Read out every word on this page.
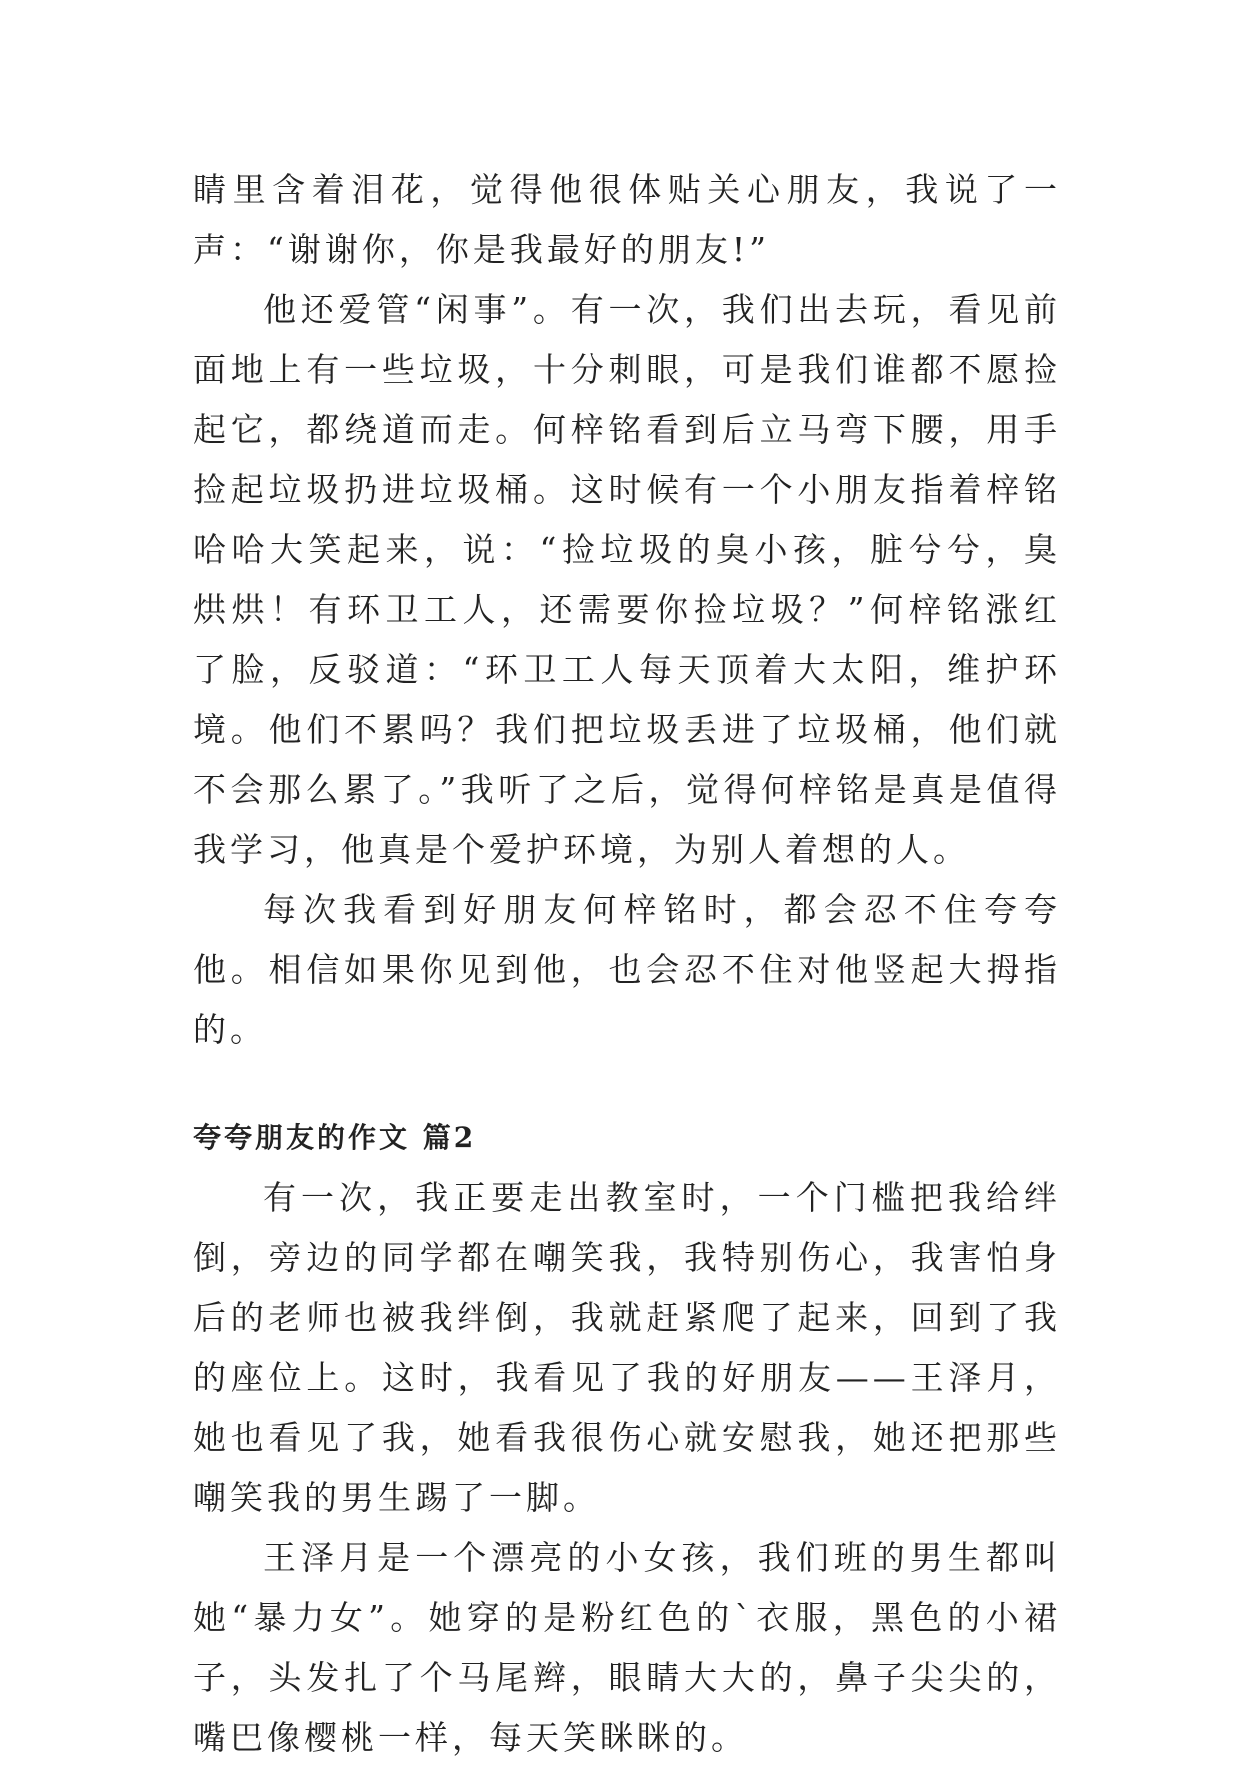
睛里含着泪花，觉得他很体贴关心朋友，我说了一声：“谢谢你，你是我最好的朋友!”

他还爱管“闲事”。有一次，我们出去玩，看见前面地上有一些垃圾，十分刺眼，可是我们谁都不愿捡起它，都绕道而走。何梓铭看到后立马弯下腰，用手捡起垃圾扔进垃圾桶。这时候有一个小朋友指着梓铭哈哈大笑起来，说：“捡垃圾的臭小孩，脏兮兮，臭烘烘！有环卫工人，还需要你捡垃圾？”何梓铭涨红了脸，反驳道：“环卫工人每天顶着大太阳，维护环境。他们不累吗？我们把垃圾丢进了垃圾桶，他们就不会那么累了。”我听了之后，觉得何梓铭是真是值得我学习，他真是个爱护环境，为别人着想的人。

每次我看到好朋友何梓铭时，都会忍不住夸夸他。相信如果你见到他，也会忍不住对他竖起大拇指的。

夸夸朋友的作文 篇2

有一次，我正要走出教室时，一个门槛把我给绊倒，旁边的同学都在嘲笑我，我特别伤心，我害怕身后的老师也被我绊倒，我就赶紧爬了起来，回到了我的座位上。这时，我看见了我的好朋友——王泽月，她也看见了我，她看我很伤心就安慰我，她还把那些嘲笑我的男生踢了一脚。

王泽月是一个漂亮的小女孩，我们班的男生都叫她“暴力女”。她穿的是粉红色的`衣服，黑色的小裙子，头发扎了个马尾辫，眼睛大大的，鼻子尖尖的，嘴巴像樱桃一样，每天笑眯眯的。
